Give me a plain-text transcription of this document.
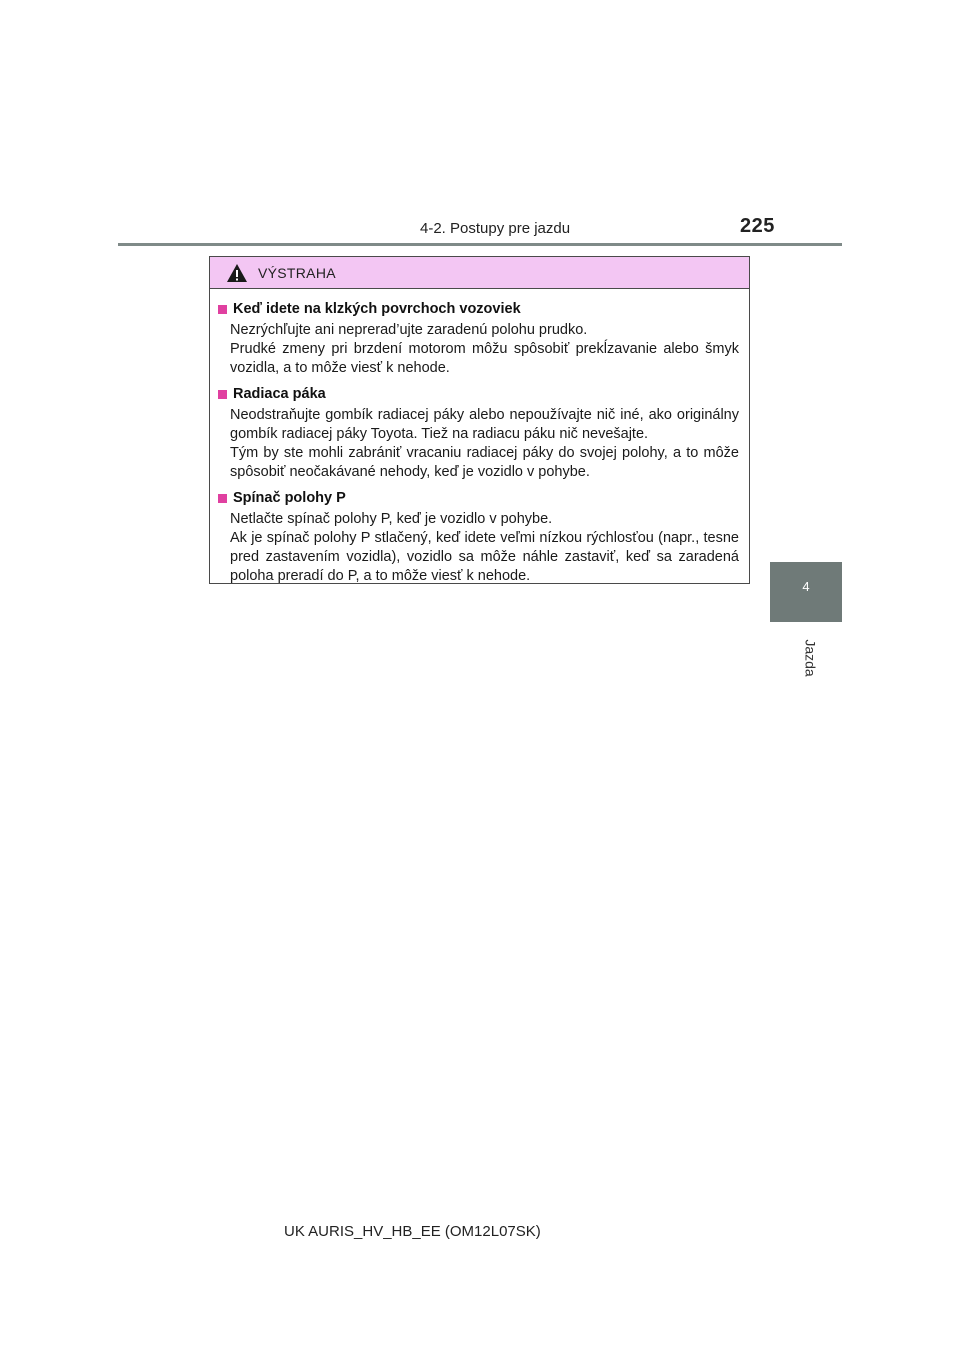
4-2. Postupy pre jazdu	225
4
Jazda
VÝSTRAHA
Keď idete na klzkých povrchoch vozoviek
Nezrýchľujte ani neprerad’ujte zaradenú polohu prudko.
Prudké zmeny pri brzdení motorom môžu spôsobiť prekĺzavanie alebo šmyk vozidla, a to môže viesť k nehode.
Radiaca páka
Neodstraňujte gombík radiacej páky alebo nepoužívajte nič iné, ako originálny gombík radiacej páky Toyota. Tiež na radiacu páku nič nevešajte.
Tým by ste mohli zabrániť vracaniu radiacej páky do svojej polohy, a to môže spôsobiť neočakávané nehody, keď je vozidlo v pohybe.
Spínač polohy P
Netlačte spínač polohy P, keď je vozidlo v pohybe.
Ak je spínač polohy P stlačený, keď idete veľmi nízkou rýchlosťou (napr., tesne pred zastavením vozidla), vozidlo sa môže náhle zastaviť, keď sa zaradená poloha preradí do P, a to môže viesť k nehode.
UK AURIS_HV_HB_EE (OM12L07SK)
